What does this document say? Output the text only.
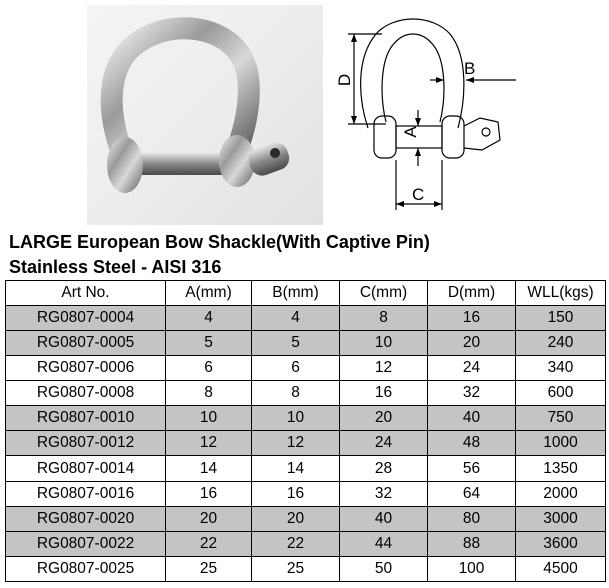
D
B
A
C
LARGE European Bow Shackle(With Captive Pin)
Stainless Steel - AISI 316
Art No.	A(mm)	B(mm)	C(mm)	D(mm)	WLL(kgs)
RG0807-0004	4	4	8	16	150
RG0807-0005	5	5	10	20	240
RG0807-0006	6	6	12	24	340
RG0807-0008	8	8	16	32	600
RG0807-0010	10	10	20	40	750
RG0807-0012	12	12	24	48	1000
RG0807-0014	14	14	28	56	1350
RG0807-0016	16	16	32	64	2000
RG0807-0020	20	20	40	80	3000
RG0807-0022	22	22	44	88	3600
RG0807-0025	25	25	50	100	4500
